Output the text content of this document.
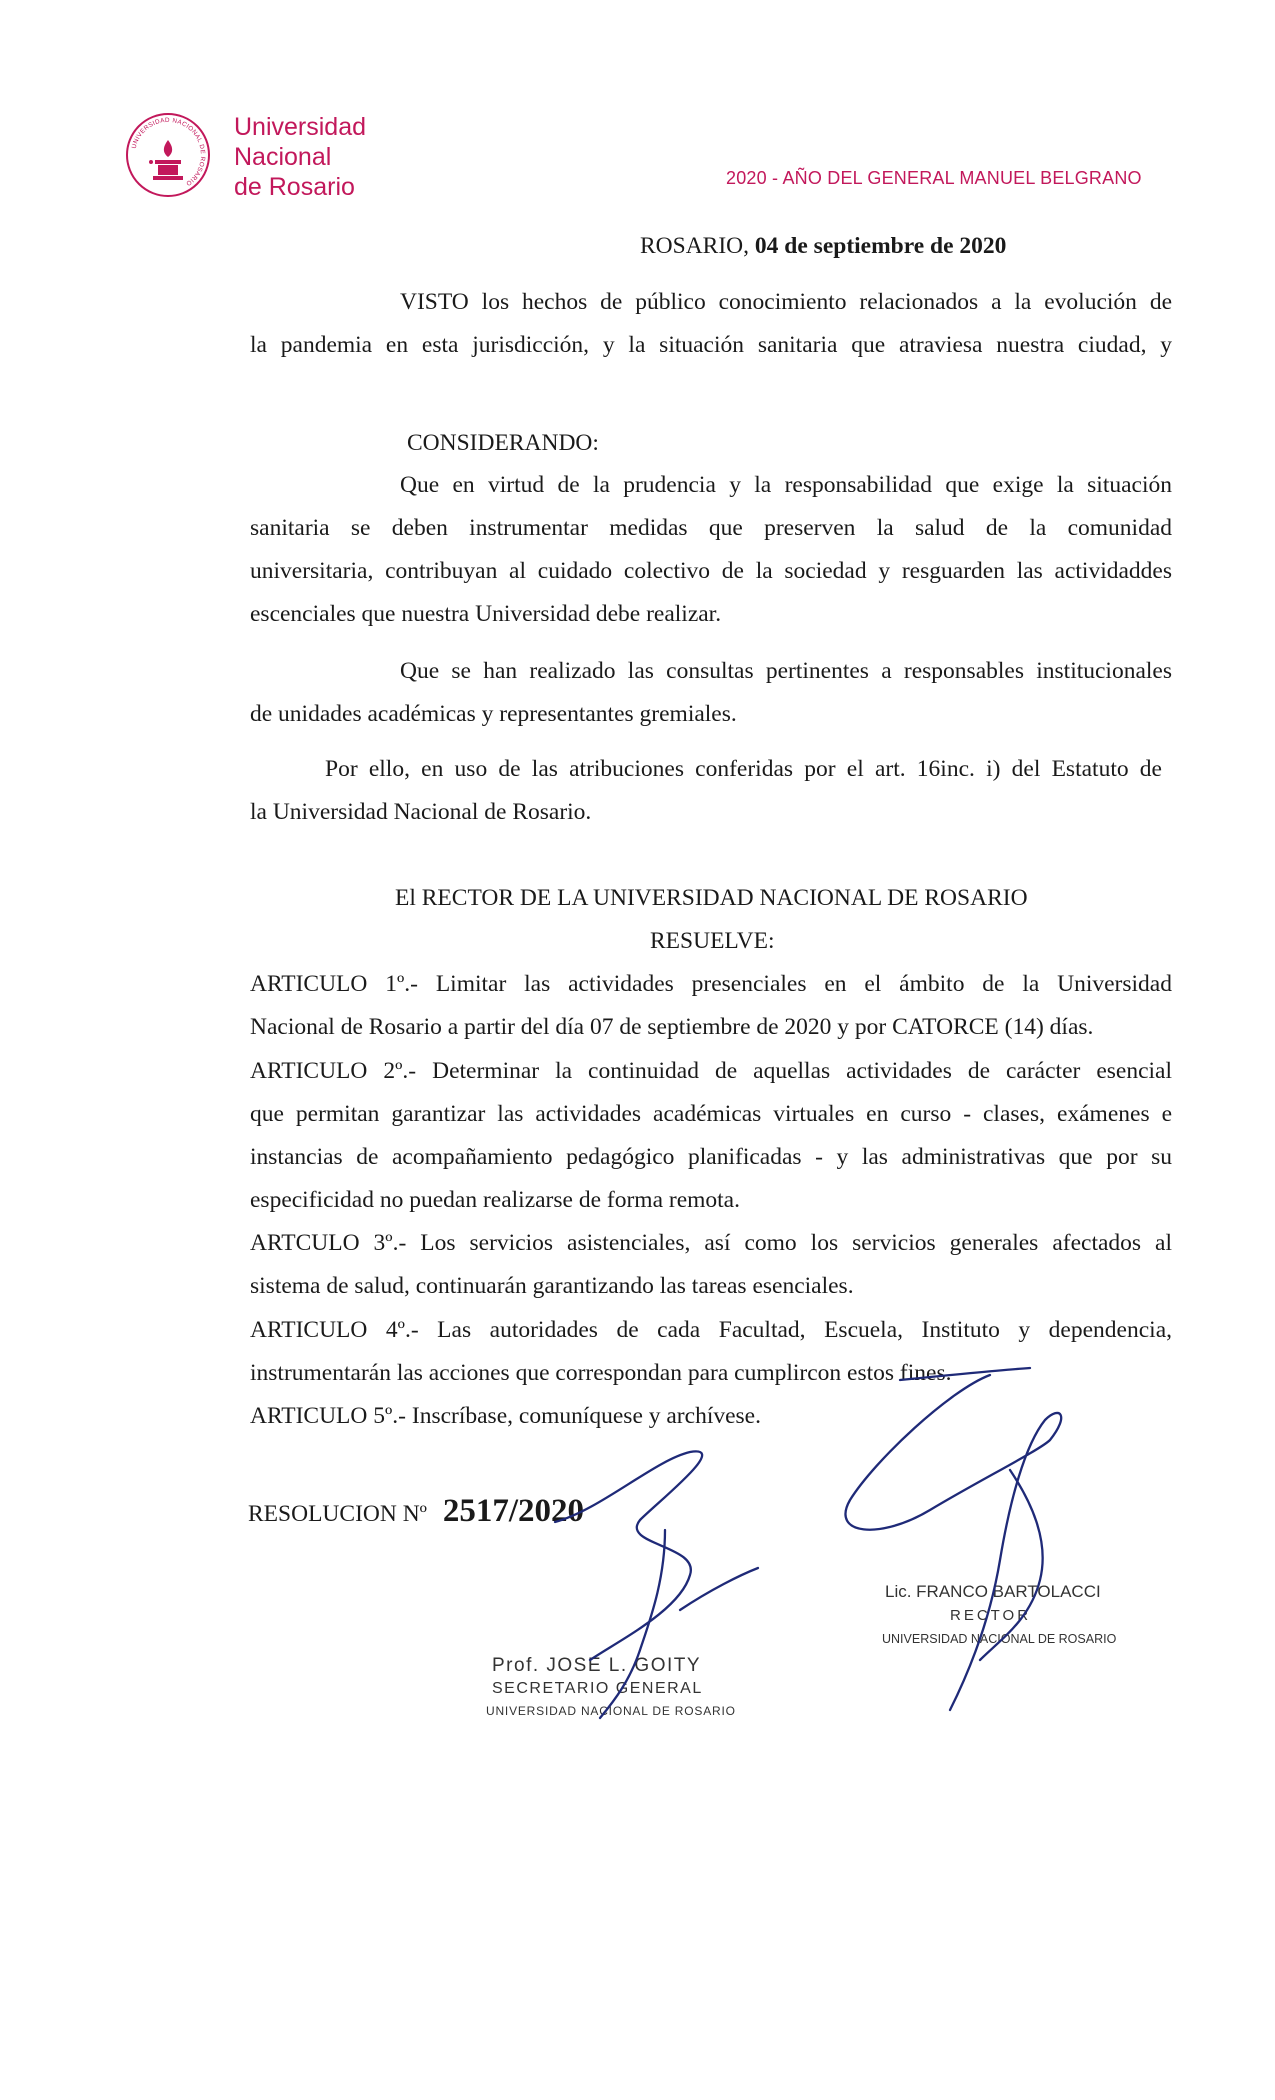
UNIVERSIDAD NACIONAL DE ROSARIO
Universidad
Nacional
de Rosario	2020 - AÑO DEL GENERAL MANUEL BELGRANO
ROSARIO, 04 de septiembre de 2020
VISTO los hechos de público conocimiento relacionados a la evolución de
la pandemia en esta jurisdicción, y la situación sanitaria que atraviesa nuestra ciudad, y
CONSIDERANDO:
Que en virtud de la prudencia y la responsabilidad que exige la situación
sanitaria se deben instrumentar medidas que preserven la salud de la comunidad
universitaria, contribuyan al cuidado colectivo de la sociedad y resguarden las actividaddes
escenciales que nuestra Universidad debe realizar.
Que se han realizado las consultas pertinentes a responsables institucionales
de unidades académicas y representantes gremiales.
Por ello, en uso de las atribuciones conferidas por el art. 16inc. i) del Estatuto de
la Universidad Nacional de Rosario.
El RECTOR DE LA UNIVERSIDAD NACIONAL DE ROSARIO
RESUELVE:
ARTICULO 1º.- Limitar las actividades presenciales en el ámbito de la Universidad
Nacional de Rosario a partir del día 07 de septiembre de 2020 y por CATORCE (14) días.
ARTICULO 2º.- Determinar la continuidad de aquellas actividades de carácter esencial
que permitan garantizar las actividades académicas virtuales en curso - clases, exámenes e
instancias de acompañamiento pedagógico planificadas - y las administrativas que por su
especificidad no puedan realizarse de forma remota.
ARTCULO 3º.- Los servicios asistenciales, así como los servicios generales afectados al
sistema de salud, continuarán garantizando las tareas esenciales.
ARTICULO 4º.- Las autoridades de cada Facultad, Escuela, Instituto y dependencia,
instrumentarán las acciones que correspondan para cumplircon estos fines.
ARTICULO 5º.- Inscríbase, comuníquese y archívese.
RESOLUCION Nº 2517/2020
Prof. JOSE L. GOITY
SECRETARIO GENERAL
UNIVERSIDAD NACIONAL DE ROSARIO
Lic. FRANCO BARTOLACCI
RECTOR
UNIVERSIDAD NACIONAL DE ROSARIO
